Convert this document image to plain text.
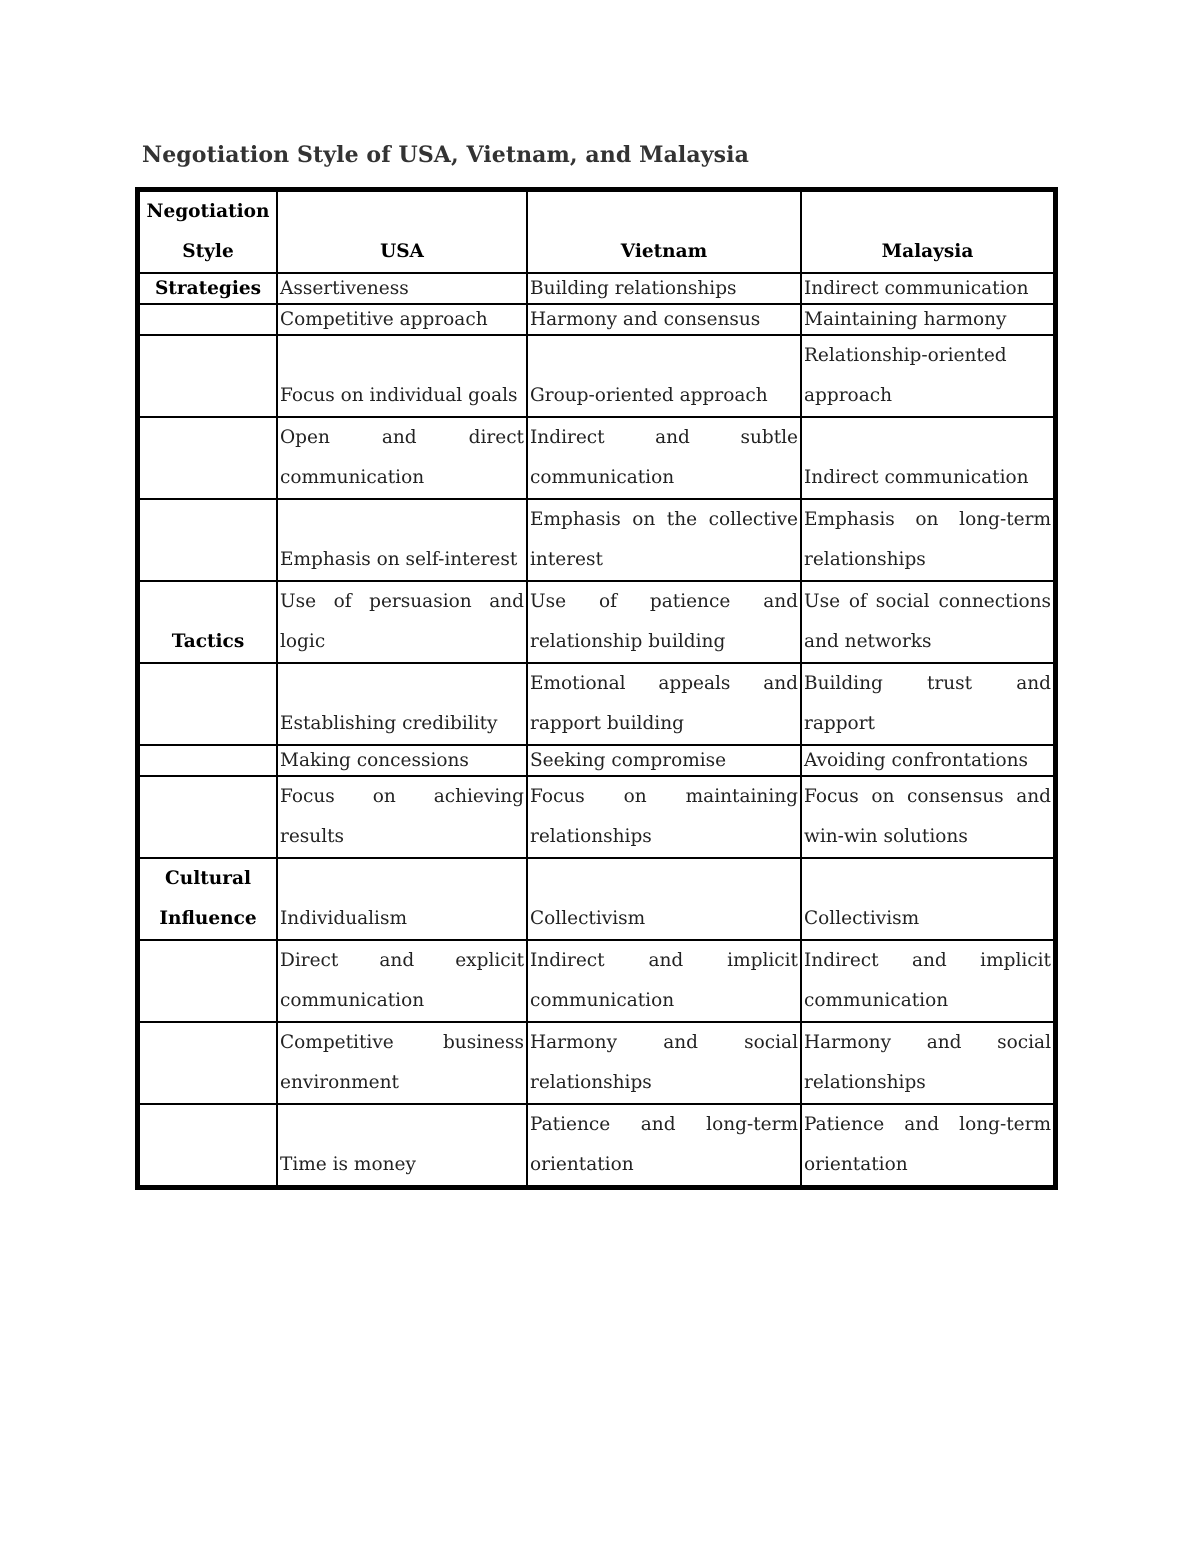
Negotiation Style of USA, Vietnam, and Malaysia
Negotiation Style	USA	Vietnam	Malaysia
Strategies	Assertiveness	Building relationships	Indirect communication
	Competitive approach	Harmony and consensus	Maintaining harmony
	Focus on individual goals	Group-oriented approach	Relationship-oriented approach
	Open and direct communication	Indirect and subtle communication	Indirect communication
	Emphasis on self-interest	Emphasis on the collective interest	Emphasis on long-term relationships
Tactics	Use of persuasion and logic	Use of patience and relationship building	Use of social connections and networks
	Establishing credibility	Emotional appeals and rapport building	Building trust and rapport
	Making concessions	Seeking compromise	Avoiding confrontations
	Focus on achieving results	Focus on maintaining relationships	Focus on consensus and win-win solutions
Cultural Influence	Individualism	Collectivism	Collectivism
	Direct and explicit communication	Indirect and implicit communication	Indirect and implicit communication
	Competitive business environment	Harmony and social relationships	Harmony and social relationships
	Time is money	Patience and long-term orientation	Patience and long-term orientation
